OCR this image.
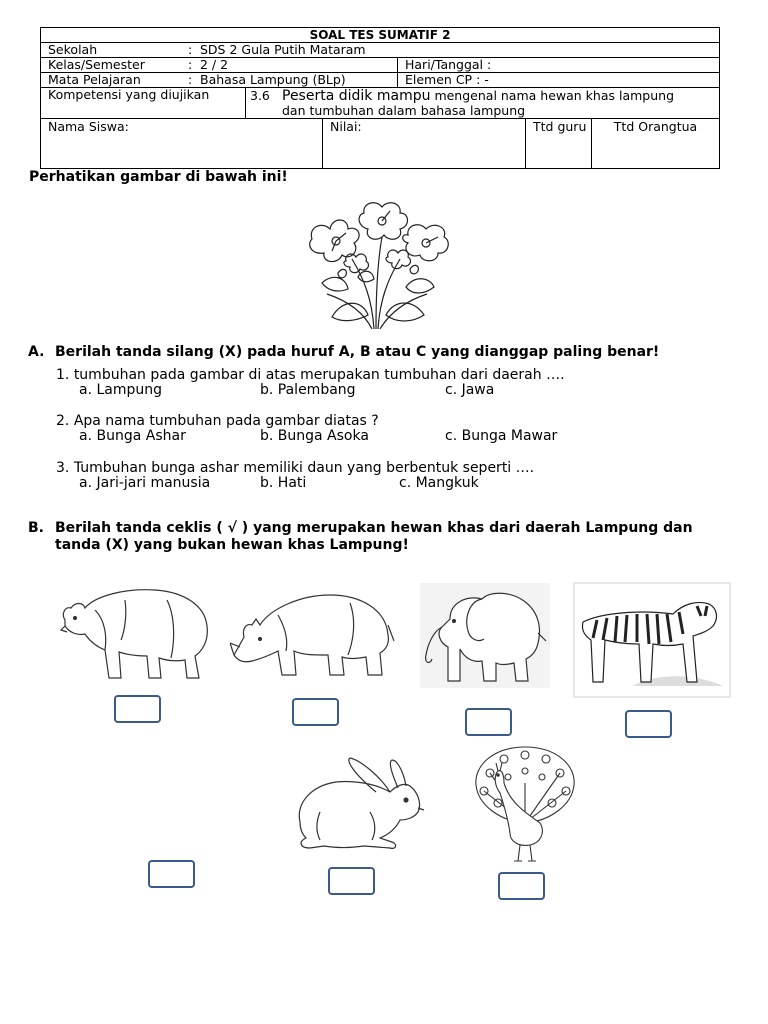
SOAL TES SUMATIF 2					
Sekolah : SDS 2 Gula Putih Mataram					
Kelas/Semester : 2 / 2			Hari/Tanggal :		
Mata Pelajaran : Bahasa Lampung (BLp)			Elemen CP : -		
Kompetensi yang diujikan	3.6 Peserta didik mampu mengenal nama hewan khas lampung
dan tumbuhan dalam bahasa lampung				

Nama Siswa:		Nilai:		Ttd guru	Ttd Orangtua
Perhatikan gambar di bawah ini!
A. Berilah tanda silang (X) pada huruf A, B atau C yang dianggap paling benar!
1. tumbuhan pada gambar di atas merupakan tumbuhan dari daerah ….
a. Lampung	b. Palembang	c. Jawa
2. Apa nama tumbuhan pada gambar diatas ?
a. Bunga Ashar	b. Bunga Asoka	c. Bunga Mawar
3. Tumbuhan bunga ashar memiliki daun yang berbentuk seperti ….
a. Jari-jari manusia	b. Hati	c. Mangkuk
B. Berilah tanda ceklis ( √ ) yang merupakan hewan khas dari daerah Lampung dan
tanda (X) yang bukan hewan khas Lampung!
